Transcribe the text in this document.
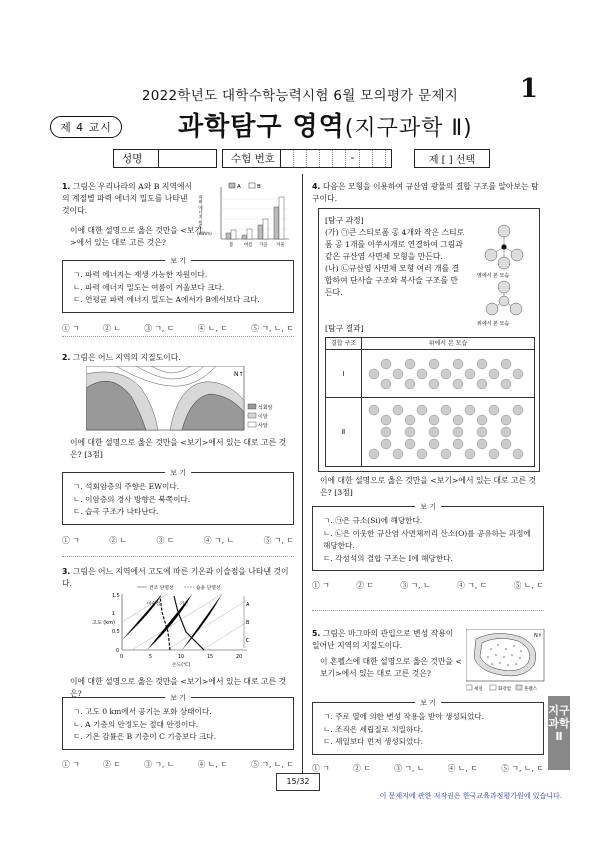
2022학년도 대학수학능력시험 6월 모의평가 문제지	1
제 4 교시	과학탐구 영역(지구과학 Ⅱ)
성명	수험 번호	-	제 [ ] 선택
1. 그림은 우리나라의 A와 B 지역에서의 계절별 파력 에너지 밀도를 나타낸 것이다.
이에 대한 설명으로 옳은 것만을 <보기>에서 있는 대로 고른 것은?
A	B
파력 에너지 밀도
(kW/m)
봄 여름 가을 겨울
보 기
ㄱ. 파력 에너지는 재생 가능한 자원이다.
ㄴ. 파력 에너지 밀도는 여름이 겨울보다 크다.
ㄷ. 연평균 파력 에너지 밀도는 A에서가 B에서보다 크다.
① ㄱ	② ㄴ	③ ㄱ, ㄷ	④ ㄴ, ㄷ	⑤ ㄱ, ㄴ, ㄷ
2. 그림은 어느 지역의 지질도이다.
N↑
석회암
이암
사암
이에 대한 설명으로 옳은 것만을 <보기>에서 있는 대로 고른 것은? [3점]
보 기
ㄱ. 석회암층의 주향은 EW이다.
ㄴ. 이암층의 경사 방향은 북쪽이다.
ㄷ. 습곡 구조가 나타난다.
① ㄱ	② ㄴ	③ ㄷ	④ ㄱ, ㄴ	⑤ ㄱ, ㄷ
3. 그림은 어느 지역에서 고도에 따른 기온과 이슬점을 나타낸 것이다.
건조 단열선	습윤 단열선
고도 (km)
이슬점	기온
1.5
1
0.5
0
0	5	10	15	20
A
B
C
온도(℃)
이에 대한 설명으로 옳은 것만을 <보기>에서 있는 대로 고른 것은?	보 기
ㄱ. 고도 0 km에서 공기는 포화 상태이다.
ㄴ. A 기층의 안정도는 절대 안정이다.
ㄷ. 기온 감률은 B 기층이 C 기층보다 크다.
① ㄱ	② ㄷ	③ ㄱ, ㄴ	④ ㄴ, ㄷ	⑤ ㄱ, ㄴ, ㄷ
4. 다음은 모형을 이용하여 규산염 광물의 결합 구조를 알아보는 탐구이다.
[탐구 과정]
(가) ㉠큰 스티로폼 공 4개와 작은 스티로폼 공 1개를 이쑤시개로 연결하여 그림과 같은 규산염 사면체 모형을 만든다.
(나) ㉡규산염 사면체 모형 여러 개를 결합하여 단사슬 구조와 복사슬 구조를 만든다.
옆에서 본 모습
위에서 본 모습
[탐구 결과]
결합 구조	위에서 본 모습
Ⅰ
Ⅱ
이에 대한 설명으로 옳은 것만을 <보기>에서 있는 대로 고른 것은? [3점]
보 기
ㄱ. ㉠은 규소(Si)에 해당한다.
ㄴ. ㉡은 이웃한 규산염 사면체끼리 산소(O)를 공유하는 과정에 해당한다.
ㄷ. 각섬석의 결합 구조는 Ⅰ에 해당한다.
① ㄱ	② ㄷ	③ ㄱ, ㄴ	④ ㄱ, ㄷ	⑤ ㄴ, ㄷ
5. 그림은 마그마의 관입으로 변성 작용이 일어난 지역의 지질도이다.
이 혼펠스에 대한 설명으로 옳은 것만을 <보기>에서 있는 대로 고른 것은?
N↑
셰일	화강암	혼펠스
보 기
ㄱ. 주로 열에 의한 변성 작용을 받아 생성되었다.
ㄴ. 조직은 세립질로 치밀하다.
ㄷ. 셰일보다 먼저 생성되었다.
① ㄱ	② ㄷ	③ ㄱ, ㄴ	④ ㄴ, ㄷ	⑤ ㄱ, ㄴ, ㄷ
지구과학Ⅱ
15/32
이 문제지에 관한 저작권은 한국교육과정평가원에 있습니다.
